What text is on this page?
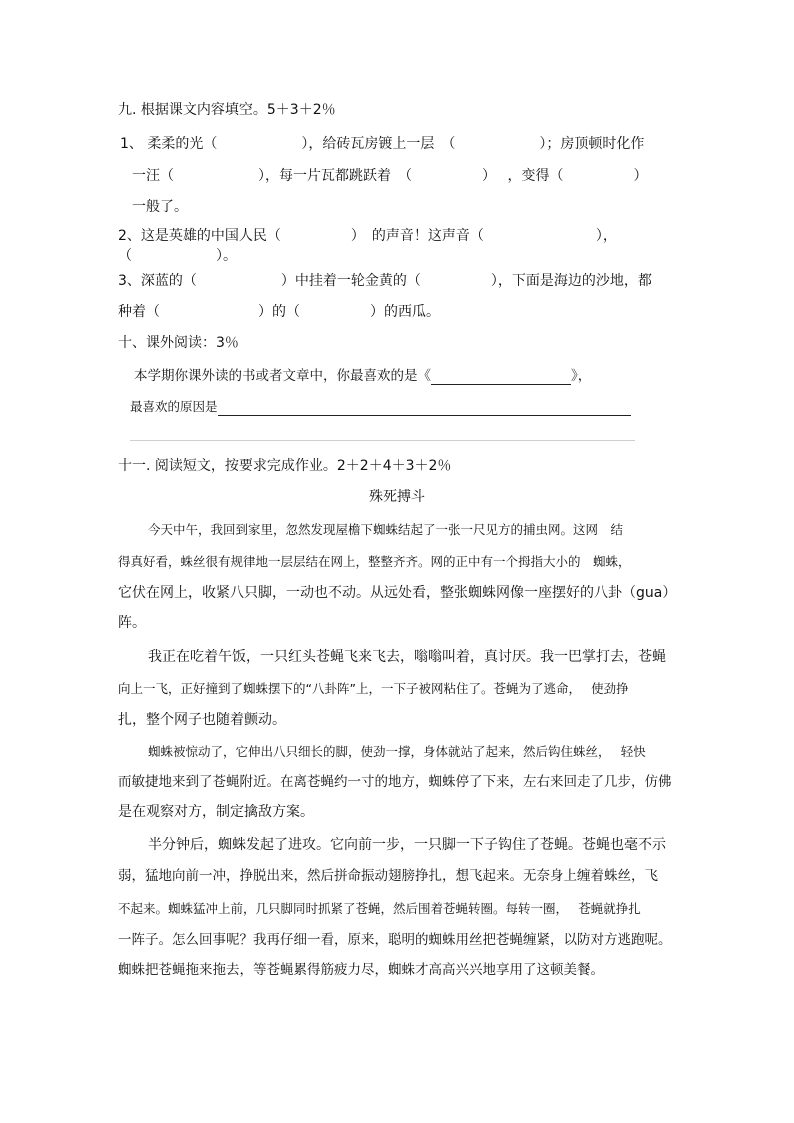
九. 根据课文内容填空。5＋3＋2％
1、 柔柔的光（　　　　　　），给砖瓦房镀上一层　（　　　　　　）；房顶顿时化作
一汪（　　　　　　），每一片瓦都跳跃着　（　　　　　）　 ，变得（　　　　　）
一般了。
2、这是英雄的中国人民（　　　　　）　的声音！这声音（　　　　　　　　），
（　　　　　　）。
3、深蓝的（　　　　　　）中挂着一轮金黄的（　　　　　），下面是海边的沙地，都
种着（　　　　　　　）的（　　　　　）的西瓜。
十、课外阅读：3％
本学期你课外读的书或者文章中，你最喜欢的是《	》，
最喜欢的原因是
十一. 阅读短文，按要求完成作业。2＋2＋4＋3＋2％
殊死搏斗
今天中午，我回到家里，忽然发现屋檐下蜘蛛结起了一张一尺见方的捕虫网。这网　结
得真好看，蛛丝很有规律地一层层结在网上，整整齐齐。网的正中有一个拇指大小的　蜘蛛，
它伏在网上，收紧八只脚，一动也不动。从远处看，整张蜘蛛网像一座摆好的八卦（gua）
阵。
我正在吃着午饭，一只红头苍蝇飞来飞去，嗡嗡叫着，真讨厌。我一巴掌打去，苍蝇
向上一飞，正好撞到了蜘蛛摆下的“八卦阵”上，一下子被网粘住了。苍蝇为了逃命，　 使劲挣
扎，整个网子也随着颤动。
蜘蛛被惊动了，它伸出八只细长的脚，使劲一撑，身体就站了起来，然后钩住蛛丝，　 轻快
而敏捷地来到了苍蝇附近。在离苍蝇约一寸的地方，蜘蛛停了下来，左右来回走了几步，仿佛
是在观察对方，制定擒敌方案。
半分钟后，蜘蛛发起了进攻。它向前一步，一只脚一下子钩住了苍蝇。苍蝇也毫不示
弱，猛地向前一冲，挣脱出来，然后拼命振动翅膀挣扎，想飞起来。无奈身上缠着蛛丝，飞
不起来。蜘蛛猛冲上前，几只脚同时抓紧了苍蝇，然后围着苍蝇转圈。每转一圈，　 苍蝇就挣扎
一阵子。怎么回事呢？我再仔细一看，原来，聪明的蜘蛛用丝把苍蝇缠紧，以防对方逃跑呢。
蜘蛛把苍蝇拖来拖去，等苍蝇累得筋疲力尽，蜘蛛才高高兴兴地享用了这顿美餐。
